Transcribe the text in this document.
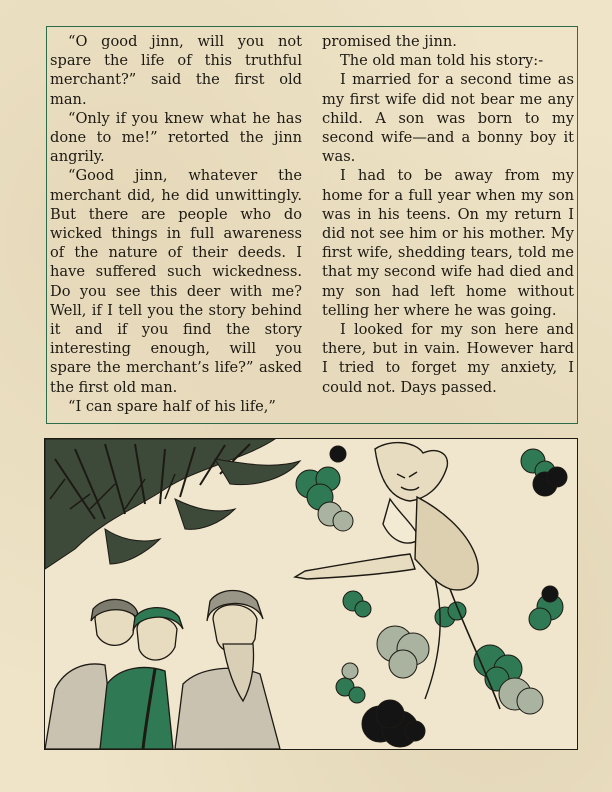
“O good jinn, will you not spare the life of this truthful merchant?” said the first old man.

“Only if you knew what he has done to me!” retorted the jinn angrily.

“Good jinn, whatever the merchant did, he did unwittingly. But there are people who do wicked things in full awareness of the nature of their deeds. I have suffered such wickedness. Do you see this deer with me? Well, if I tell you the story behind it and if you find the story interesting enough, will you spare the merchant’s life?” asked the first old man.

“I can spare half of his life,”

promised the jinn.

The old man told his story:-

I married for a second time as my first wife did not bear me any child. A son was born to my second wife—and a bonny boy it was.

I had to be away from my home for a full year when my son was in his teens. On my return I did not see him or his mother. My first wife, shedding tears, told me that my second wife had died and my son had left home without telling her where he was going.

I looked for my son here and there, but in vain. However hard I tried to forget my anxiety, I could not. Days passed.
